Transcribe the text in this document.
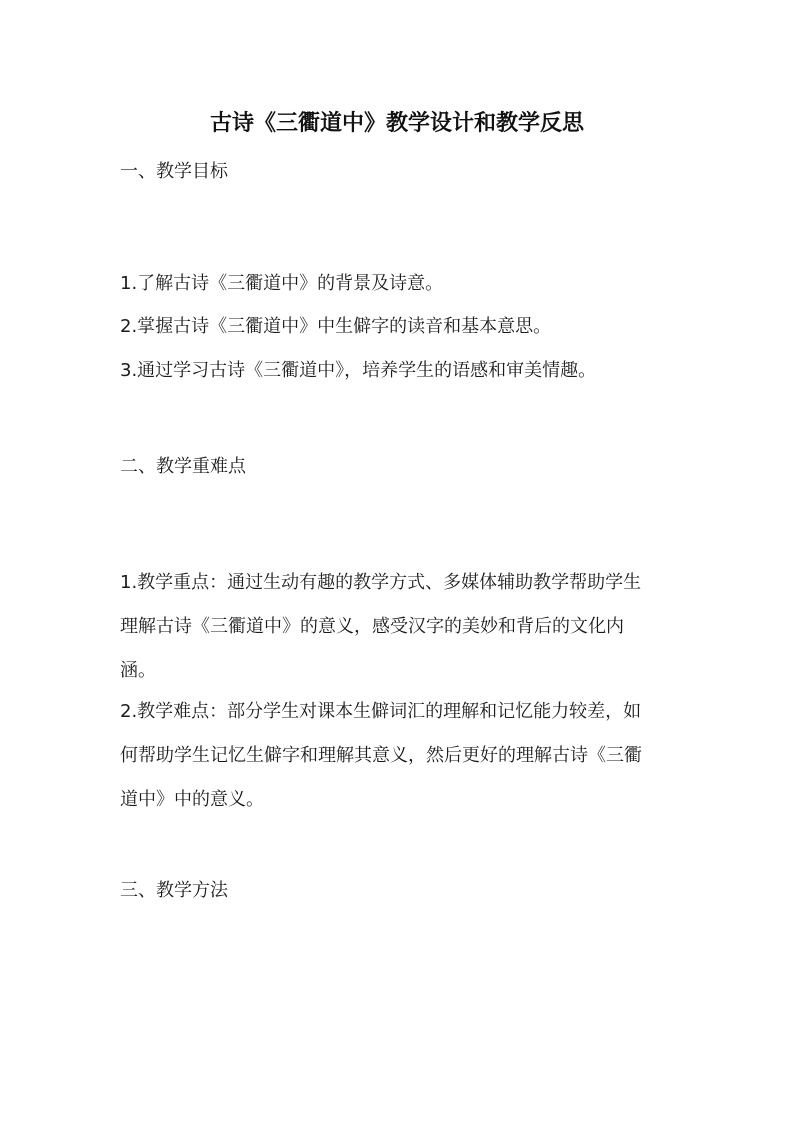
古诗《三衢道中》教学设计和教学反思
一、教学目标
1.了解古诗《三衢道中》的背景及诗意。
2.掌握古诗《三衢道中》中生僻字的读音和基本意思。
3.通过学习古诗《三衢道中》，培养学生的语感和审美情趣。
二、教学重难点
1.教学重点：通过生动有趣的教学方式、多媒体辅助教学帮助学生
理解古诗《三衢道中》的意义，感受汉字的美妙和背后的文化内
涵。
2.教学难点：部分学生对课本生僻词汇的理解和记忆能力较差，如
何帮助学生记忆生僻字和理解其意义，然后更好的理解古诗《三衢
道中》中的意义。
三、教学方法
